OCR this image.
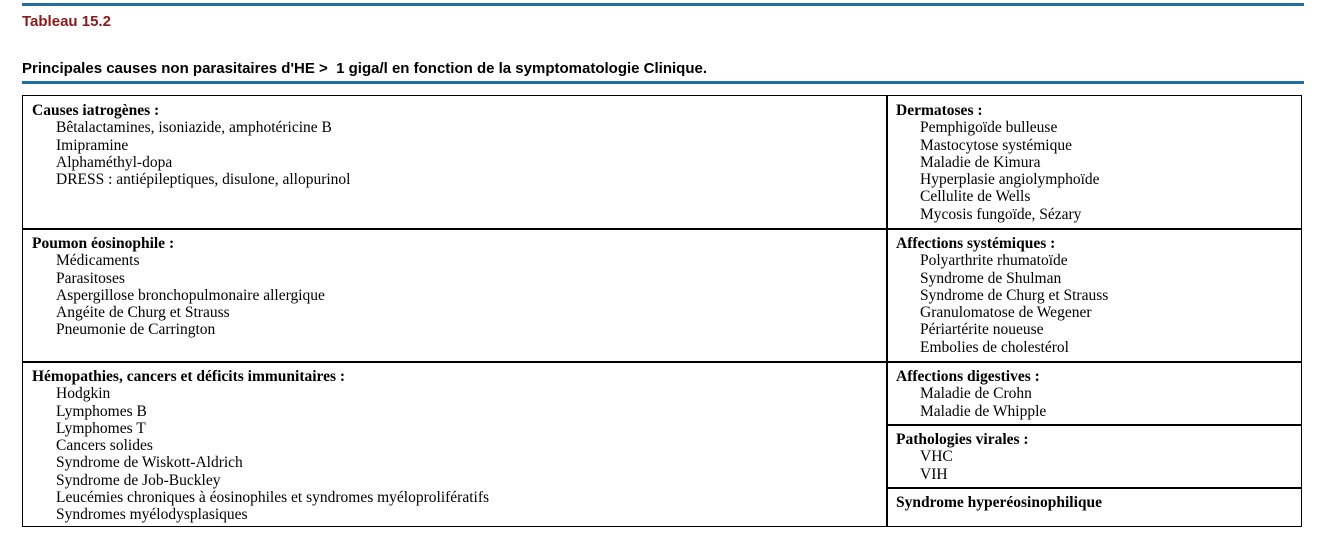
Tableau 15.2
Principales causes non parasitaires d'HE >  1 giga/l en fonction de la symptomatologie Clinique.
Causes iatrogènes :
Bêtalactamines, isoniazide, amphotéricine B
Imipramine
Alphaméthyl-dopa
DRESS : antiépileptiques, disulone, allopurinol
Poumon éosinophile :
Médicaments
Parasitoses
Aspergillose bronchopulmonaire allergique
Angéite de Churg et Strauss
Pneumonie de Carrington
Hémopathies, cancers et déficits immunitaires :
Hodgkin
Lymphomes B
Lymphomes T
Cancers solides
Syndrome de Wiskott-Aldrich
Syndrome de Job-Buckley
Leucémies chroniques à éosinophiles et syndromes myéloprolifératifs
Syndromes myélodysplasiques
Dermatoses :
Pemphigoïde bulleuse
Mastocytose systémique
Maladie de Kimura
Hyperplasie angiolymphoïde
Cellulite de Wells
Mycosis fungoïde, Sézary
Affections systémiques :
Polyarthrite rhumatoïde
Syndrome de Shulman
Syndrome de Churg et Strauss
Granulomatose de Wegener
Périartérite noueuse
Embolies de cholestérol
Affections digestives :
Maladie de Crohn
Maladie de Whipple
Pathologies virales :
VHC
VIH
Syndrome hyperéosinophilique
